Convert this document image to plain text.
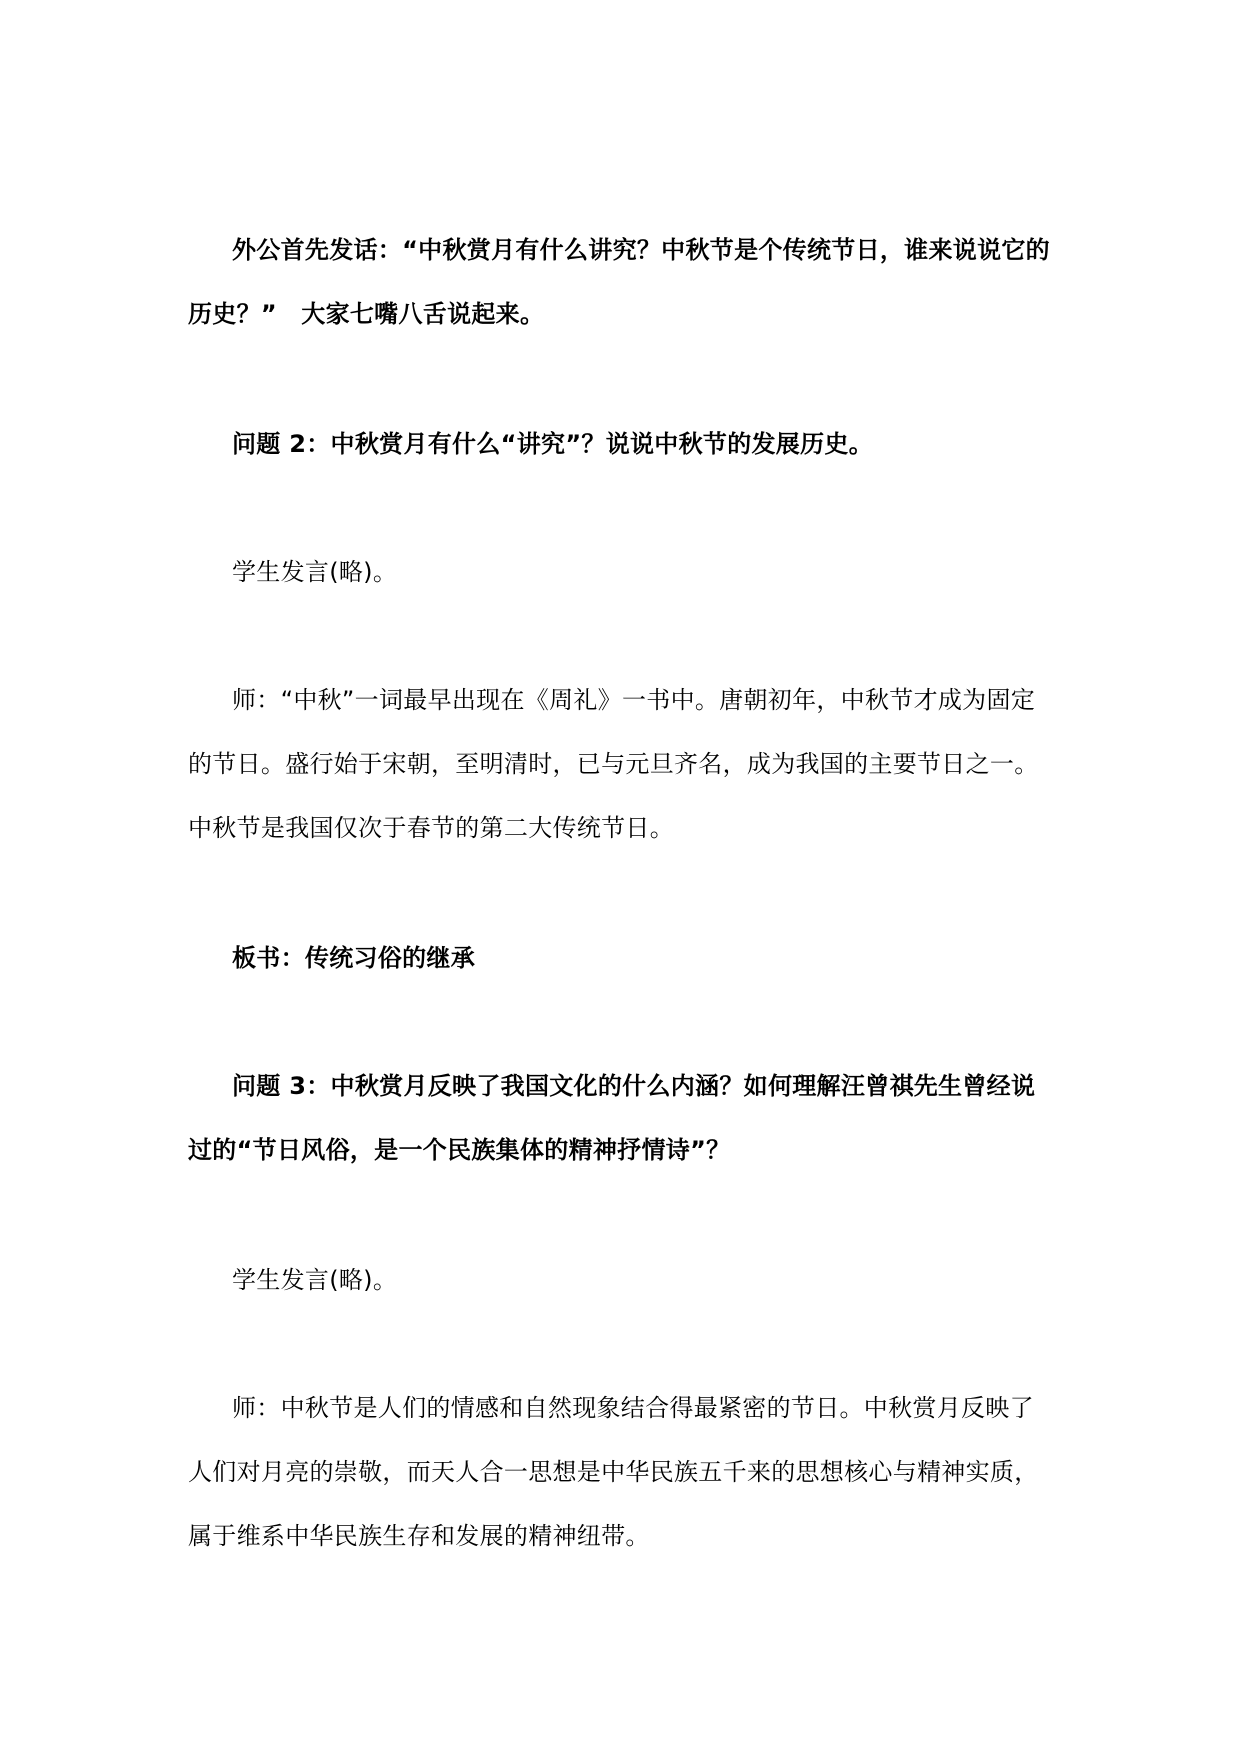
外公首先发话：“中秋赏月有什么讲究？中秋节是个传统节日，谁来说说它的历史？”　大家七嘴八舌说起来。

问题 2：中秋赏月有什么“讲究”？说说中秋节的发展历史。

学生发言(略)。

师：“中秋”一词最早出现在《周礼》一书中。唐朝初年，中秋节才成为固定的节日。盛行始于宋朝，至明清时，已与元旦齐名，成为我国的主要节日之一。中秋节是我国仅次于春节的第二大传统节日。

板书：传统习俗的继承

问题 3：中秋赏月反映了我国文化的什么内涵？如何理解汪曾祺先生曾经说过的“节日风俗，是一个民族集体的精神抒情诗”？

学生发言(略)。

师：中秋节是人们的情感和自然现象结合得最紧密的节日。中秋赏月反映了人们对月亮的崇敬，而天人合一思想是中华民族五千来的思想核心与精神实质，属于维系中华民族生存和发展的精神纽带。
